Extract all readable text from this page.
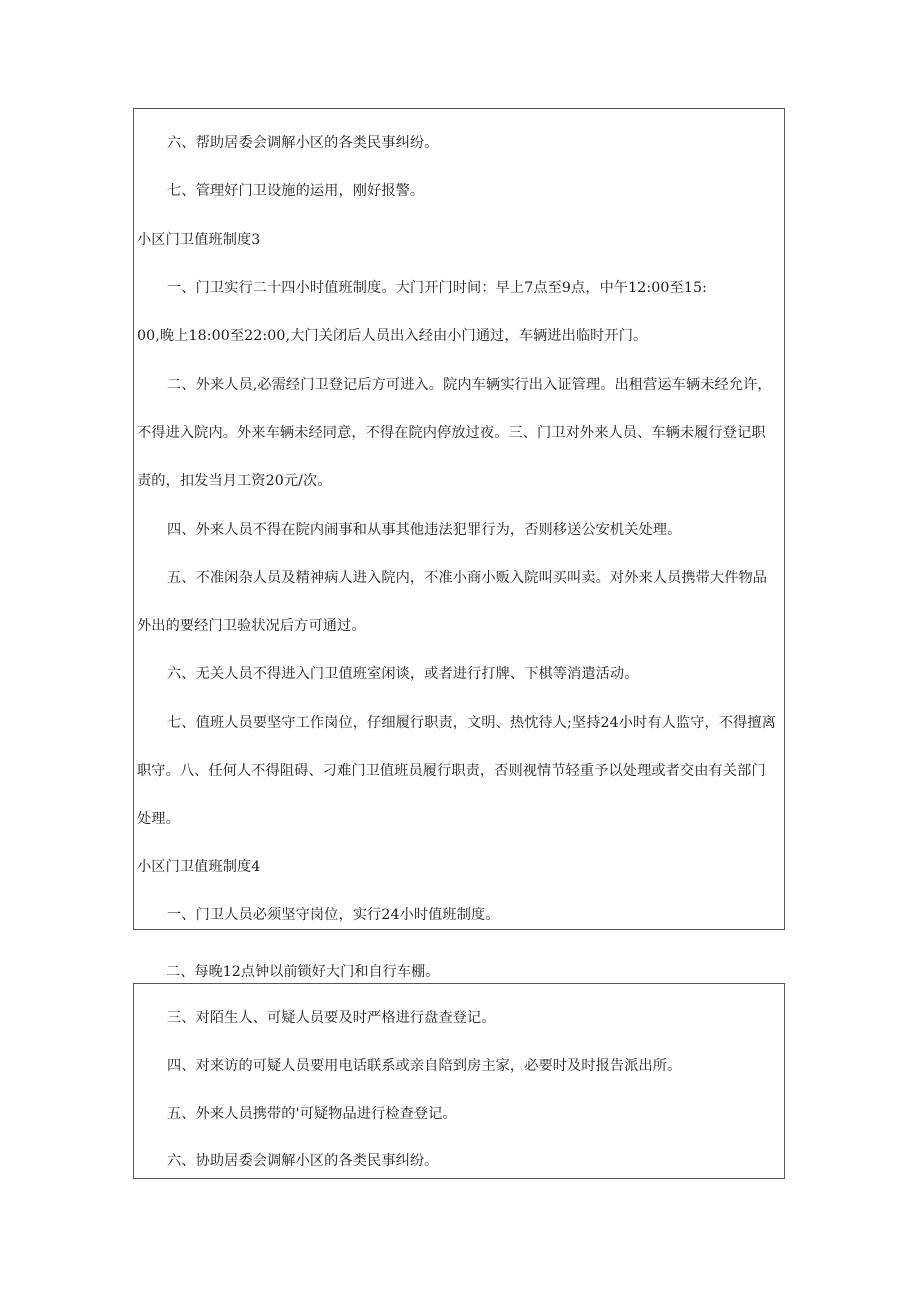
六、帮助居委会调解小区的各类民事纠纷。
七、管理好门卫设施的运用，刚好报警。
小区门卫值班制度3
一、门卫实行二十四小时值班制度。大门开门时间：早上7点至9点，中午12:00至15:
00,晚上18:00至22:00,大门关闭后人员出入经由小门通过，车辆进出临时开门。
二、外来人员,必需经门卫登记后方可进入。院内车辆实行出入证管理。出租营运车辆未经允许，
不得进入院内。外来车辆未经同意，不得在院内停放过夜。三、门卫对外来人员、车辆未履行登记职
责的，扣发当月工资20元/次。
四、外来人员不得在院内闹事和从事其他违法犯罪行为，否则移送公安机关处理。
五、不准闲杂人员及精神病人进入院内，不准小商小贩入院叫买叫卖。对外来人员携带大件物品
外出的要经门卫验状况后方可通过。
六、无关人员不得进入门卫值班室闲谈，或者进行打牌、下棋等消遣活动。
七、值班人员要坚守工作岗位，仔细履行职责，文明、热忱待人;坚持24小时有人监守，不得擅离
职守。八、任何人不得阻碍、刁难门卫值班员履行职责，否则视情节轻重予以处理或者交由有关部门
处理。
小区门卫值班制度4
一、门卫人员必须坚守岗位，实行24小时值班制度。
二、每晚12点钟以前锁好大门和自行车棚。
三、对陌生人、可疑人员要及时严格进行盘查登记。
四、对来访的可疑人员要用电话联系或亲自陪到房主家，必要时及时报告派出所。
五、外来人员携带的'可疑物品进行检查登记。
六、协助居委会调解小区的各类民事纠纷。
